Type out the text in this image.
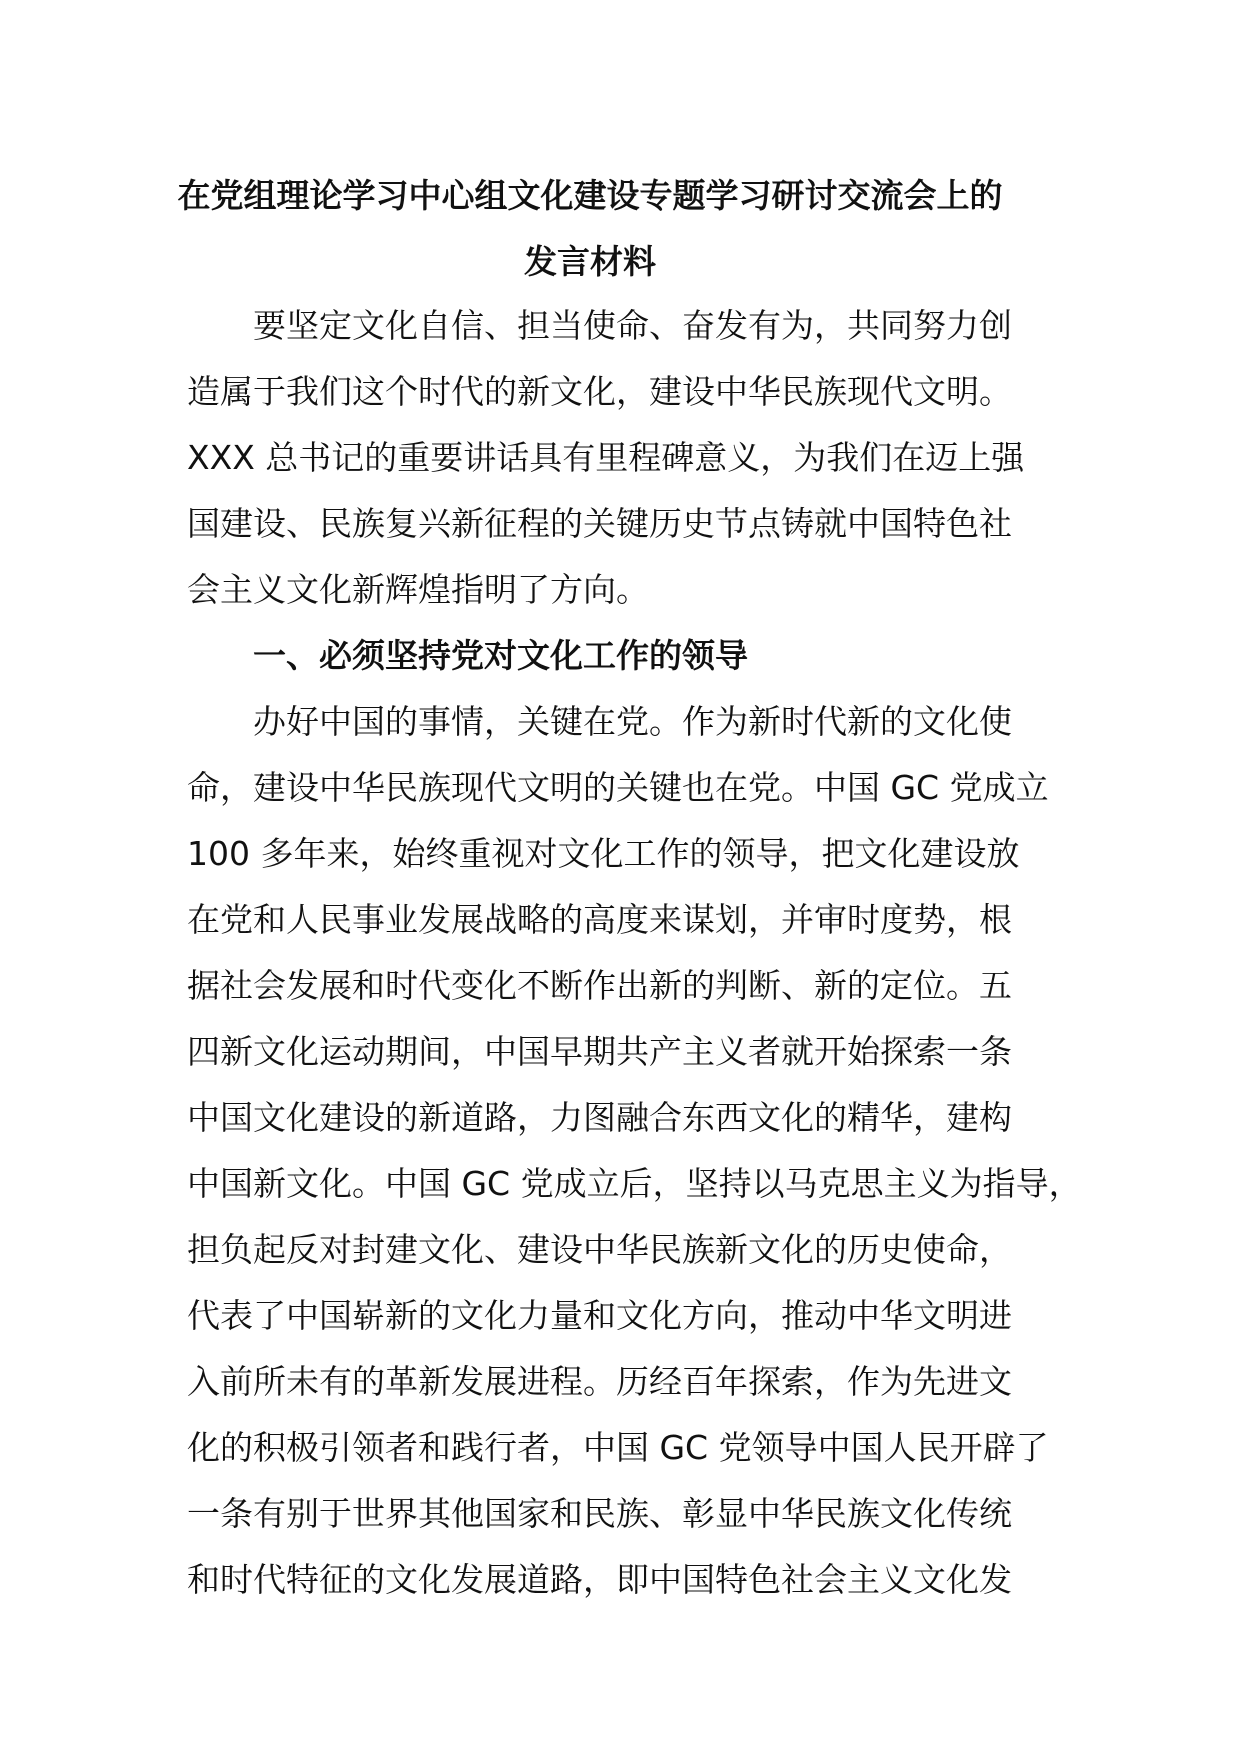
在党组理论学习中心组文化建设专题学习研讨交流会上的
发言材料
要坚定文化自信、担当使命、奋发有为，共同努力创
造属于我们这个时代的新文化，建设中华民族现代文明。
XXX 总书记的重要讲话具有里程碑意义，为我们在迈上强
国建设、民族复兴新征程的关键历史节点铸就中国特色社
会主义文化新辉煌指明了方向。
一、必须坚持党对文化工作的领导
办好中国的事情，关键在党。作为新时代新的文化使
命，建设中华民族现代文明的关键也在党。中国 GC 党成立
100 多年来，始终重视对文化工作的领导，把文化建设放
在党和人民事业发展战略的高度来谋划，并审时度势，根
据社会发展和时代变化不断作出新的判断、新的定位。五
四新文化运动期间，中国早期共产主义者就开始探索一条
中国文化建设的新道路，力图融合东西文化的精华，建构
中国新文化。中国 GC 党成立后，坚持以马克思主义为指导，
担负起反对封建文化、建设中华民族新文化的历史使命，
代表了中国崭新的文化力量和文化方向，推动中华文明进
入前所未有的革新发展进程。历经百年探索，作为先进文
化的积极引领者和践行者，中国 GC 党领导中国人民开辟了
一条有别于世界其他国家和民族、彰显中华民族文化传统
和时代特征的文化发展道路，即中国特色社会主义文化发
